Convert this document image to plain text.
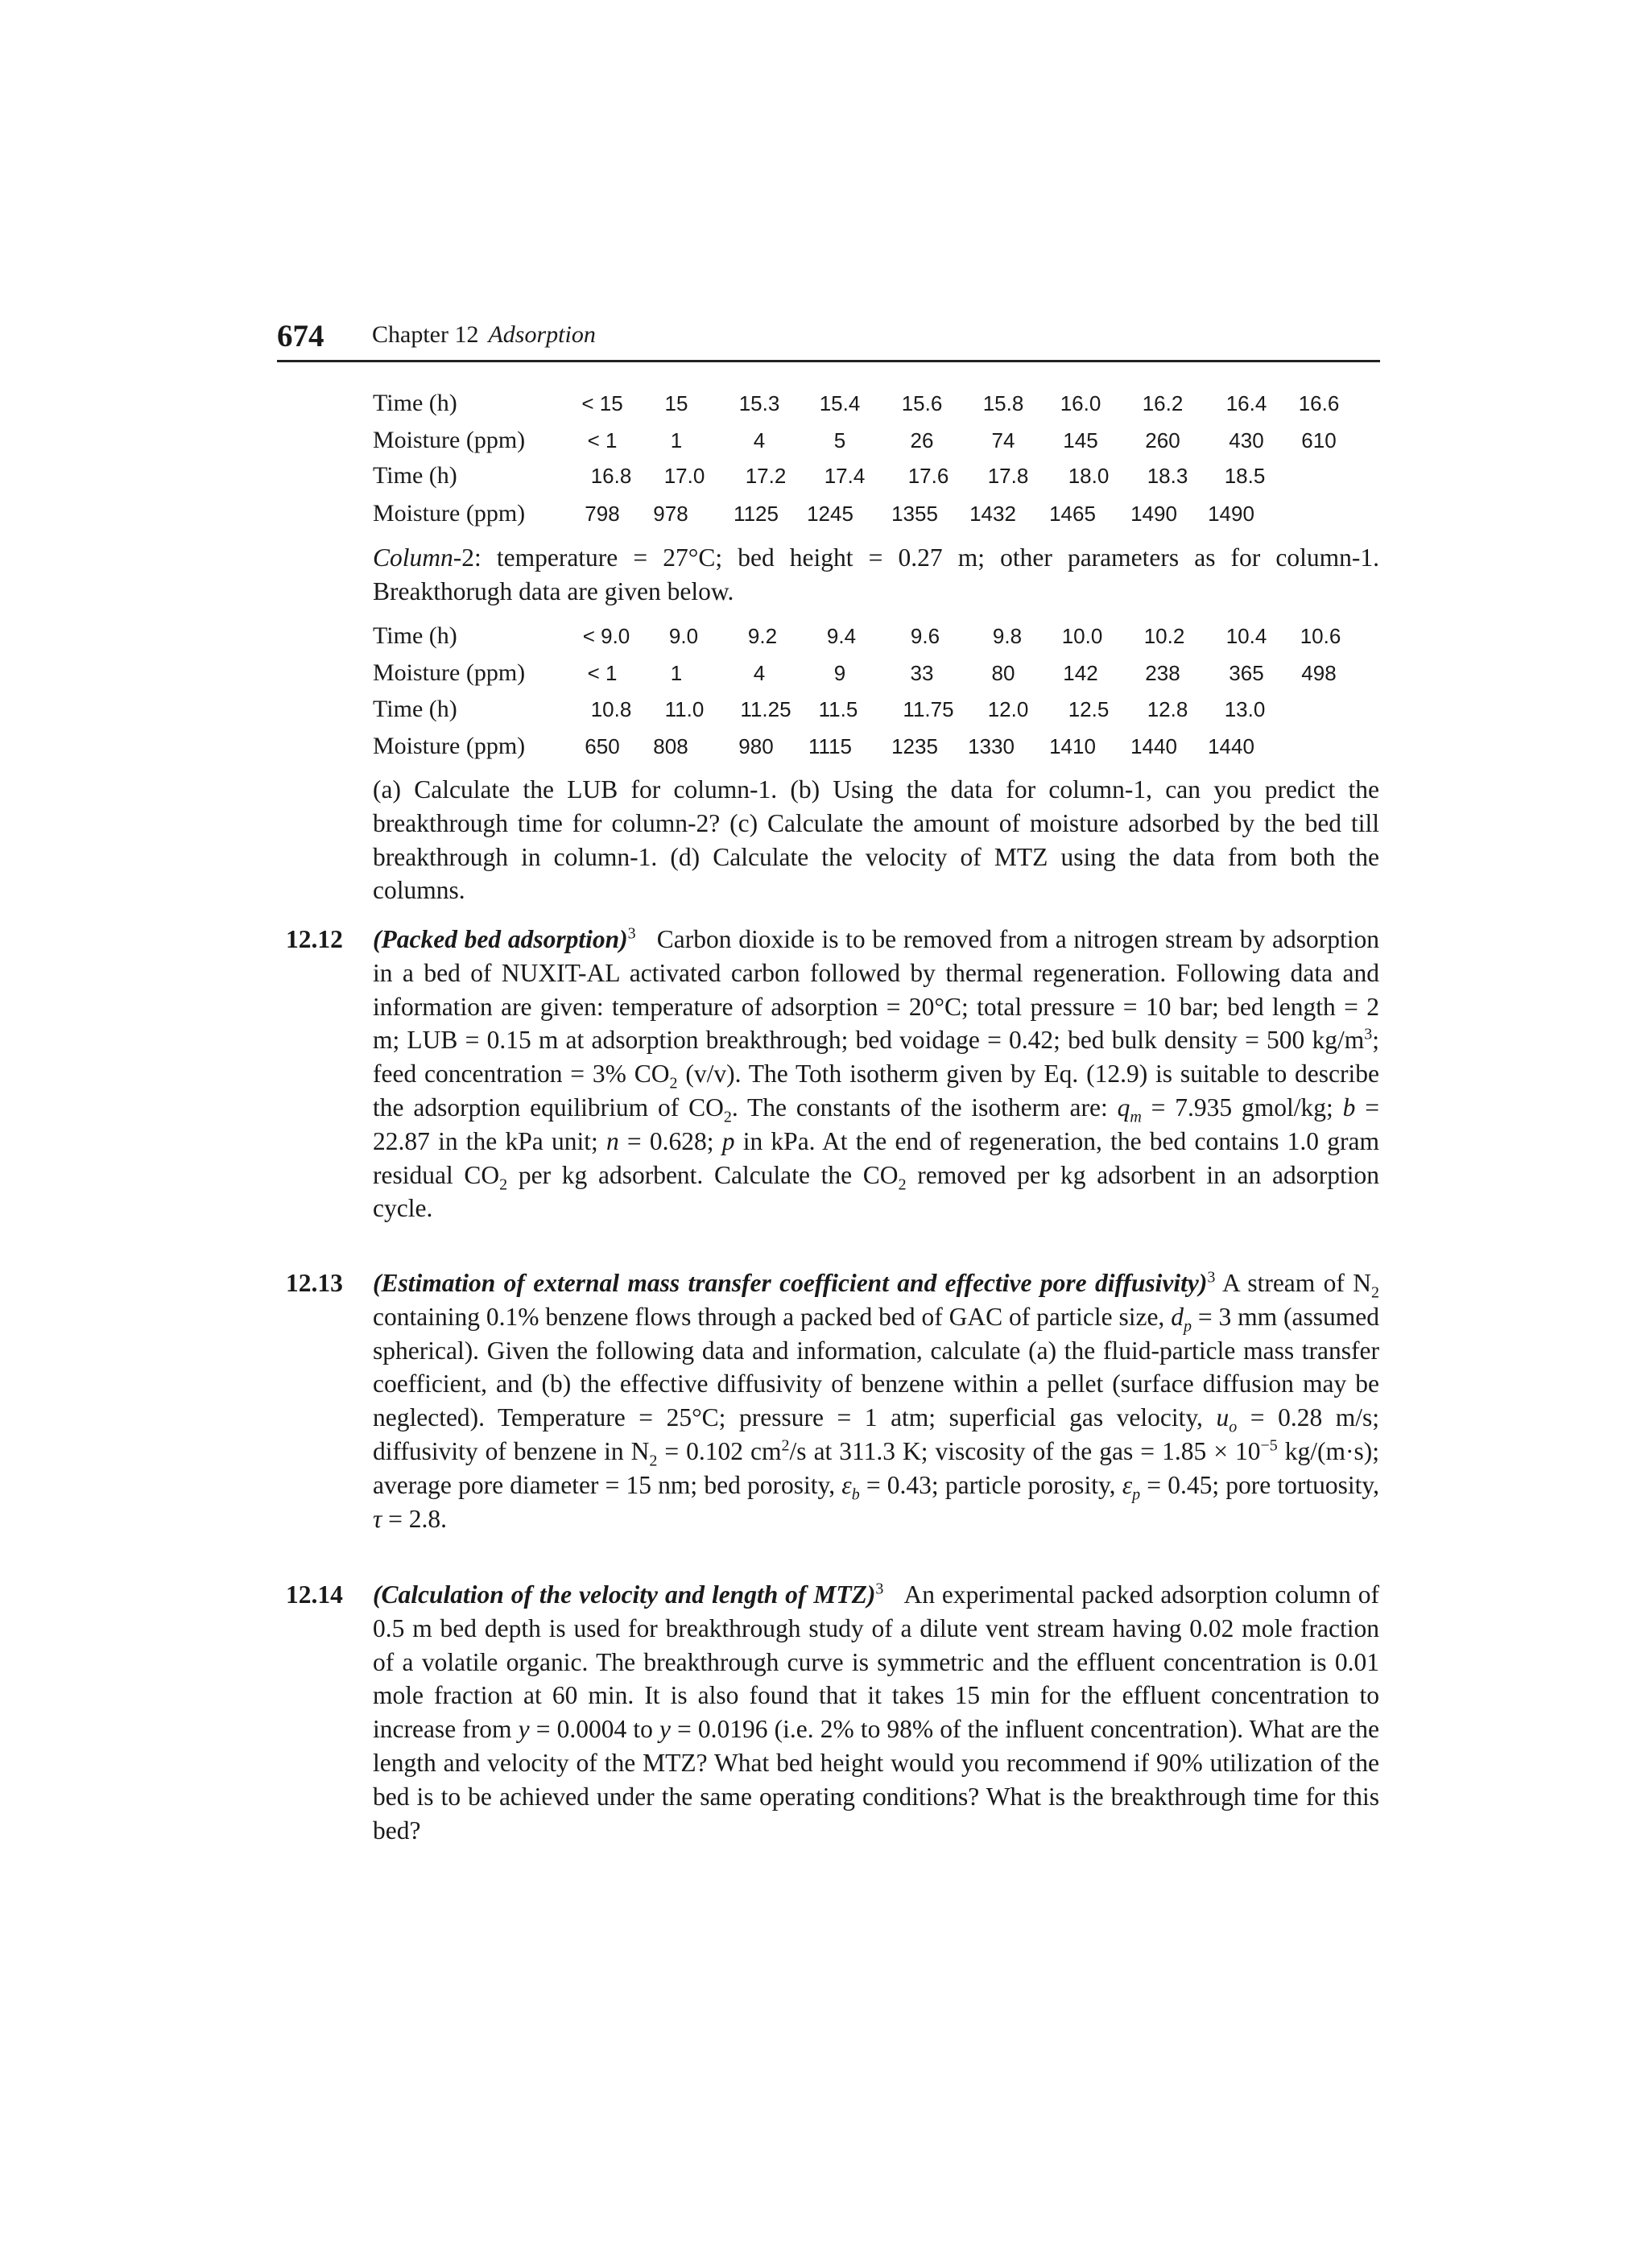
674 Chapter 12 Adsorption
Time (h)	< 15 15 15.3 15.4 15.6 15.8 16.0 16.2 16.4 16.6
Moisture (ppm)	< 1	1	4	5	26	74 145 260 430 610
Time (h)	16.8 17.0 17.2 17.4 17.6 17.8 18.0 18.3 18.5
Moisture (ppm)	798 978 1125 1245 1355 1432 1465 1490 1490
Column-2: temperature = 27°C; bed height = 0.27 m; other parameters as for column-1. Breakthorugh data are given below.
Time (h)	< 9.0 9.0 9.2 9.4	9.6	9.8 10.0 10.2 10.4 10.6
Moisture (ppm)	< 1	1	4	9	33	80 142 238 365 498
Time (h)	10.8 11.0 11.25 11.5 11.75 12.0 12.5 12.8 13.0
Moisture (ppm)	650 808 980 1115 1235 1330 1410 1440 1440
(a) Calculate the LUB for column-1. (b) Using the data for column-1, can you predict the breakthrough time for column-2? (c) Calculate the amount of moisture adsorbed by the bed till breakthrough in column-1. (d) Calculate the velocity of MTZ using the data from both the columns.
12.12 (Packed bed adsorption)$^3$ Carbon dioxide is to be removed from a nitrogen stream by adsorption in a bed of NUXIT-AL activated carbon followed by thermal regeneration. Following data and information are given: temperature of adsorption = 20°C; total pressure = 10 bar; bed length = 2 m; LUB = 0.15 m at adsorption breakthrough; bed voidage = 0.42; bed bulk density = 500 $kg/m^3$; feed concentration = 3% $CO_2$ (v/v). The Toth isotherm given by Eq. (12.9) is suitable to describe the adsorption equilibrium of $CO_2$. The constants of the isotherm are: $q_m = 7.935$ gmol/kg; b = 22.87 in the kPa unit; n = 0.628; p in kPa. At the end of regeneration, the bed contains 1.0 gram residual $CO_2$ per kg adsorbent. Calculate the $CO_2$ removed per kg adsorbent in an adsorption cycle.
12.13 (Estimation of external mass transfer coefficient and effective pore diffusivity)$^3$ A stream of $N_2$ containing 0.1% benzene flows through a packed bed of GAC of particle size, $d_p = 3$ mm (assumed spherical). Given the following data and information, calculate (a) the fluid-particle mass transfer coefficient, and (b) the effective diffusivity of benzene within a pellet (surface diffusion may be neglected). Temperature = 25°C; pressure = 1 atm; superficial gas velocity, $u_o = 0.28$ m/s; diffusivity of benzene in $N_2 = 0.102$ $cm^2/s$ at 311.3 K; viscosity of the gas = $1.85 \times 10^{-5}$ kg/(m·s); average pore diameter = 15 nm; bed porosity, $\varepsilon_b = 0.43$; particle porosity, $\varepsilon_p = 0.45$; pore tortuosity, τ = 2.8.
12.14 (Calculation of the velocity and length of MTZ)$^3$   An experimental packed adsorption column of 0.5 m bed depth is used for breakthrough study of a dilute vent stream having 0.02 mole fraction of a volatile organic. The breakthrough curve is symmetric and the effluent concentration is 0.01 mole fraction at 60 min. It is also found that it takes 15 min for the effluent concentration to increase from y = 0.0004 to y = 0.0196 (i.e. 2% to 98% of the influent concentration). What are the length and velocity of the MTZ? What bed height would you recommend if 90% utilization of the bed is to be achieved under the same operating conditions? What is the breakthrough time for this bed?
